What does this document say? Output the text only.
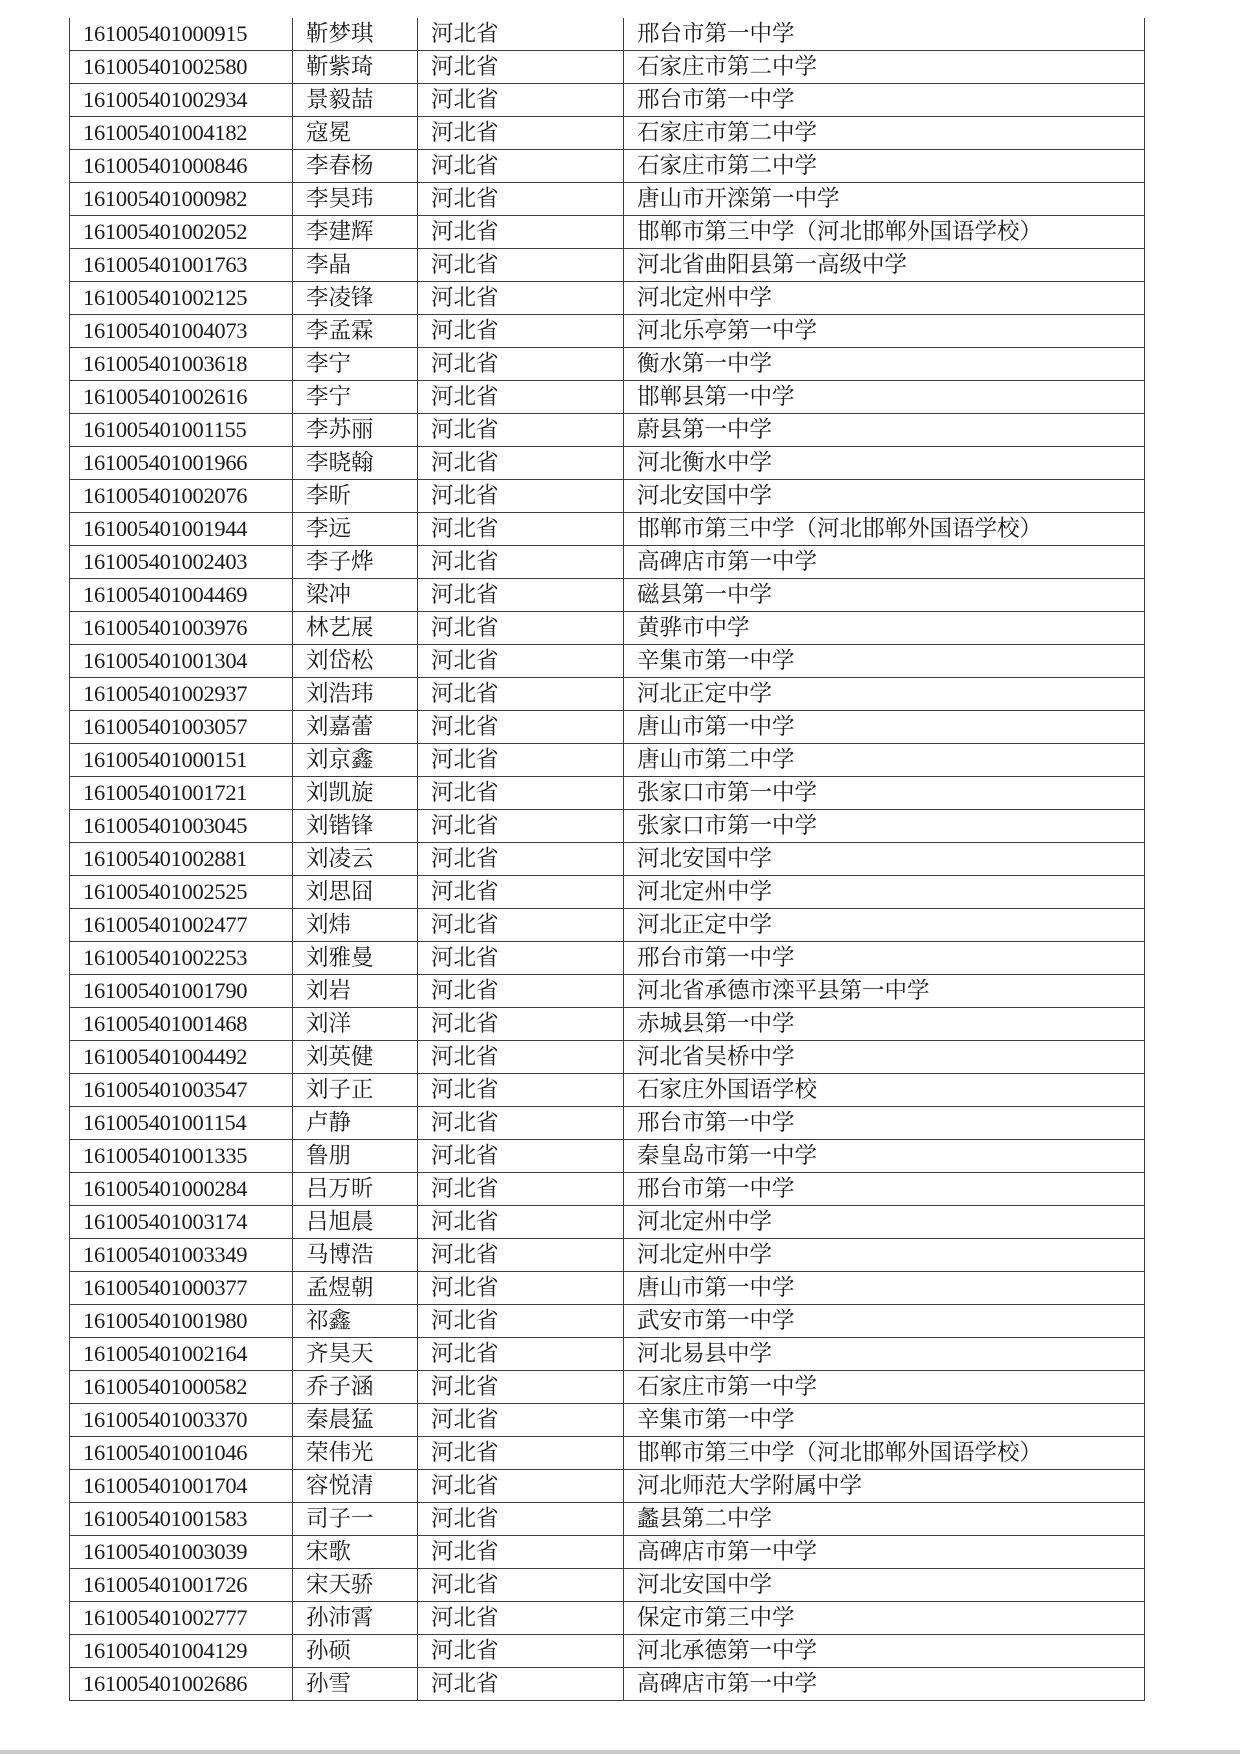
161005401000915	靳梦琪	河北省	邢台市第一中学
161005401002580	靳紫琦	河北省	石家庄市第二中学
161005401002934	景毅喆	河北省	邢台市第一中学
161005401004182	寇冕	河北省	石家庄市第二中学
161005401000846	李春杨	河北省	石家庄市第二中学
161005401000982	李昊玮	河北省	唐山市开滦第一中学
161005401002052	李建辉	河北省	邯郸市第三中学（河北邯郸外国语学校）
161005401001763	李晶	河北省	河北省曲阳县第一高级中学
161005401002125	李凌锋	河北省	河北定州中学
161005401004073	李孟霖	河北省	河北乐亭第一中学
161005401003618	李宁	河北省	衡水第一中学
161005401002616	李宁	河北省	邯郸县第一中学
161005401001155	李苏丽	河北省	蔚县第一中学
161005401001966	李晓翰	河北省	河北衡水中学
161005401002076	李昕	河北省	河北安国中学
161005401001944	李远	河北省	邯郸市第三中学（河北邯郸外国语学校）
161005401002403	李子烨	河北省	高碑店市第一中学
161005401004469	梁冲	河北省	磁县第一中学
161005401003976	林艺展	河北省	黄骅市中学
161005401001304	刘岱松	河北省	辛集市第一中学
161005401002937	刘浩玮	河北省	河北正定中学
161005401003057	刘嘉蕾	河北省	唐山市第一中学
161005401000151	刘京鑫	河北省	唐山市第二中学
161005401001721	刘凯旋	河北省	张家口市第一中学
161005401003045	刘锴锋	河北省	张家口市第一中学
161005401002881	刘凌云	河北省	河北安国中学
161005401002525	刘思囧	河北省	河北定州中学
161005401002477	刘炜	河北省	河北正定中学
161005401002253	刘雅曼	河北省	邢台市第一中学
161005401001790	刘岩	河北省	河北省承德市滦平县第一中学
161005401001468	刘洋	河北省	赤城县第一中学
161005401004492	刘英健	河北省	河北省吴桥中学
161005401003547	刘子正	河北省	石家庄外国语学校
161005401001154	卢静	河北省	邢台市第一中学
161005401001335	鲁朋	河北省	秦皇岛市第一中学
161005401000284	吕万昕	河北省	邢台市第一中学
161005401003174	吕旭晨	河北省	河北定州中学
161005401003349	马博浩	河北省	河北定州中学
161005401000377	孟煜朝	河北省	唐山市第一中学
161005401001980	祁鑫	河北省	武安市第一中学
161005401002164	齐昊天	河北省	河北易县中学
161005401000582	乔子涵	河北省	石家庄市第一中学
161005401003370	秦晨猛	河北省	辛集市第一中学
161005401001046	荣伟光	河北省	邯郸市第三中学（河北邯郸外国语学校）
161005401001704	容悦清	河北省	河北师范大学附属中学
161005401001583	司子一	河北省	蠡县第二中学
161005401003039	宋歌	河北省	高碑店市第一中学
161005401001726	宋天骄	河北省	河北安国中学
161005401002777	孙沛霄	河北省	保定市第三中学
161005401004129	孙硕	河北省	河北承德第一中学
161005401002686	孙雪	河北省	高碑店市第一中学
